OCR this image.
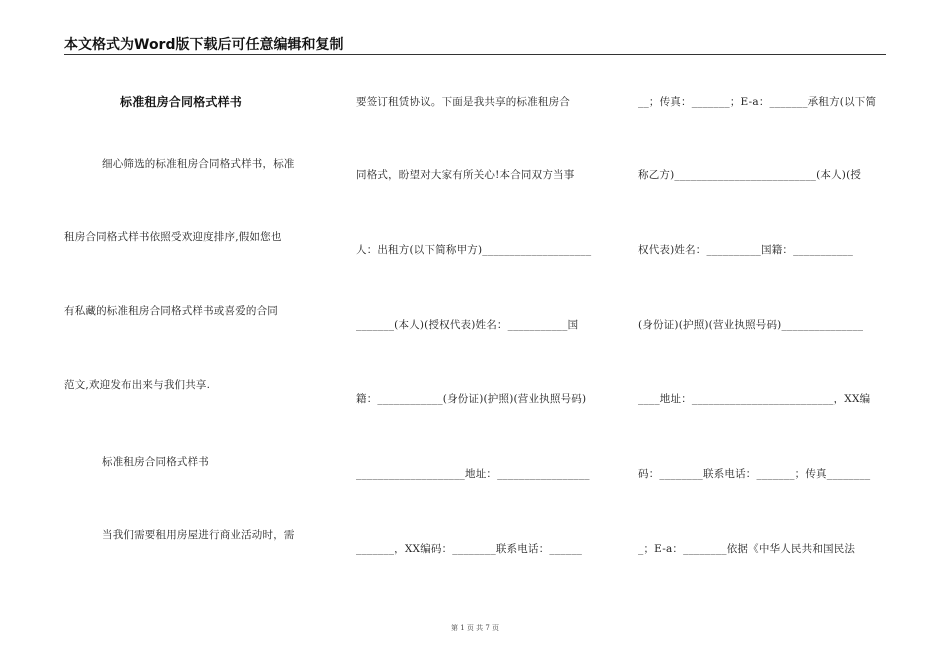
本文格式为Word版下载后可任意编辑和复制
标准租房合同格式样书
细心筛选的标准租房合同格式样书，标准
租房合同格式样书依照受欢迎度排序,假如您也
有私藏的标准租房合同格式样书或喜爱的合同
范文,欢迎发布出来与我们共享.
标准租房合同格式样书
当我们需要租用房屋进行商业活动时，需
要签订租赁协议。下面是我共享的标准租房合
同格式，盼望对大家有所关心!本合同双方当事
人：出租方(以下简称甲方)____________________
_______(本人)(授权代表)姓名：___________国
籍：____________(身份证)(护照)(营业执照号码)
____________________地址：_________________
_______，XX编码：________联系电话：______
__；传真：_______；E-a：_______承租方(以下简
称乙方)__________________________(本人)(授
权代表)姓名：__________国籍：___________
(身份证)(护照)(营业执照号码)_______________
____地址：__________________________，XX编
码：________联系电话：_______；传真________
_；E-a：________依据《中华人民共和国民法
第 1 页 共 7 页
